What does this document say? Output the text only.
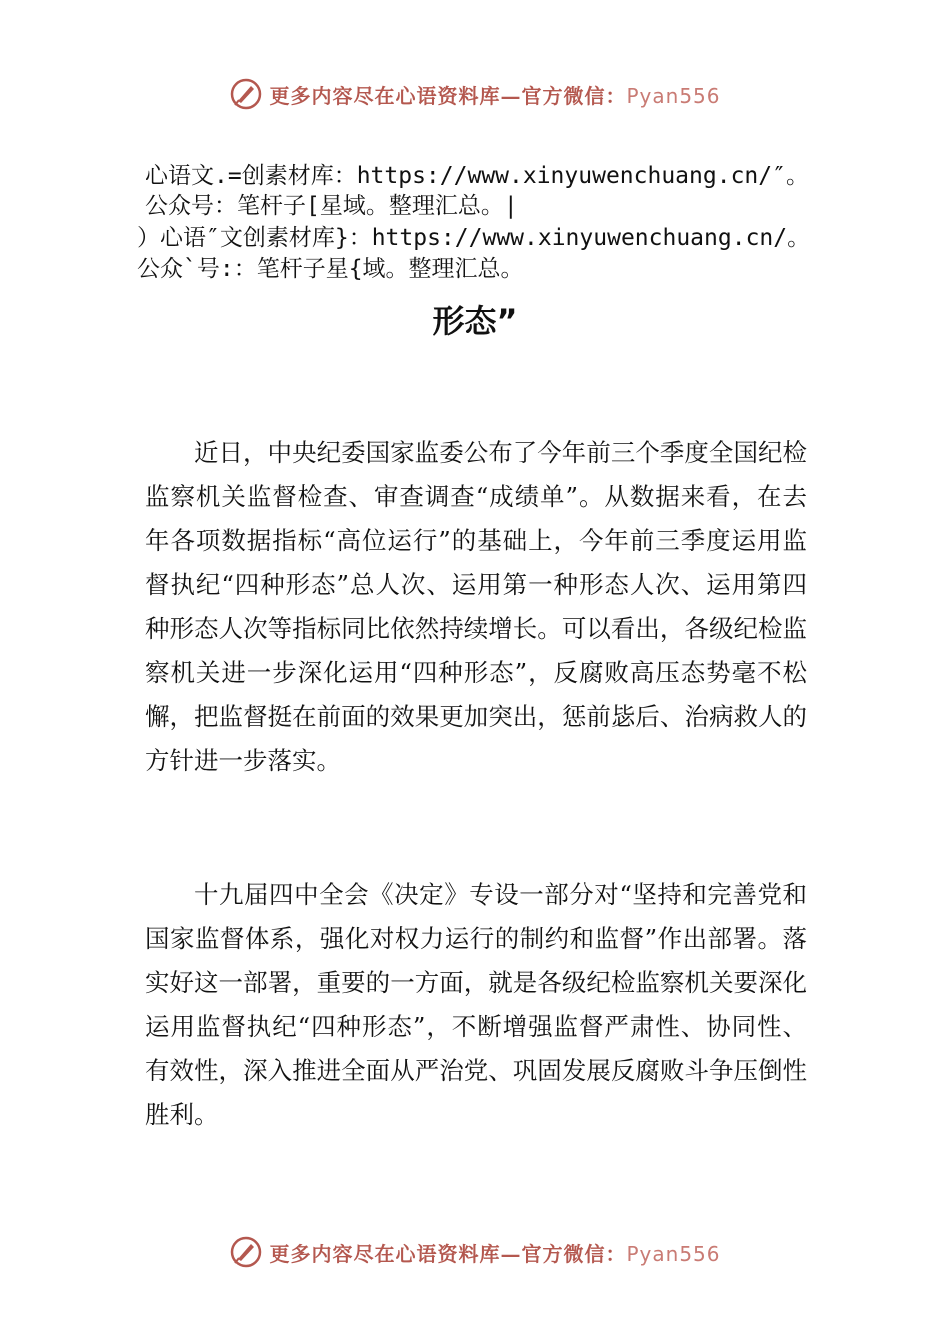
更多内容尽在心语资料库—官方微信：Pyan556
心语文.=创素材库：https://www.xinyuwenchuang.cn/″。
公众号：笔杆子[星域。整理汇总。|
）心语″文创素材库}：https://www.xinyuwenchuang.cn/。
公众`号:：笔杆子星{域。整理汇总。
形态”

近日，中央纪委国家监委公布了今年前三个季度全国纪检监察机关监督检查、审查调查“成绩单”。从数据来看，在去年各项数据指标“高位运行”的基础上，今年前三季度运用监督执纪“四种形态”总人次、运用第一种形态人次、运用第四种形态人次等指标同比依然持续增长。可以看出，各级纪检监察机关进一步深化运用“四种形态”，反腐败高压态势毫不松懈，把监督挺在前面的效果更加突出，惩前毖后、治病救人的方针进一步落实。

十九届四中全会《决定》专设一部分对“坚持和完善党和国家监督体系，强化对权力运行的制约和监督”作出部署。落实好这一部署，重要的一方面，就是各级纪检监察机关要深化运用监督执纪“四种形态”，不断增强监督严肃性、协同性、有效性，深入推进全面从严治党、巩固发展反腐败斗争压倒性胜利。

更多内容尽在心语资料库—官方微信：Pyan556
